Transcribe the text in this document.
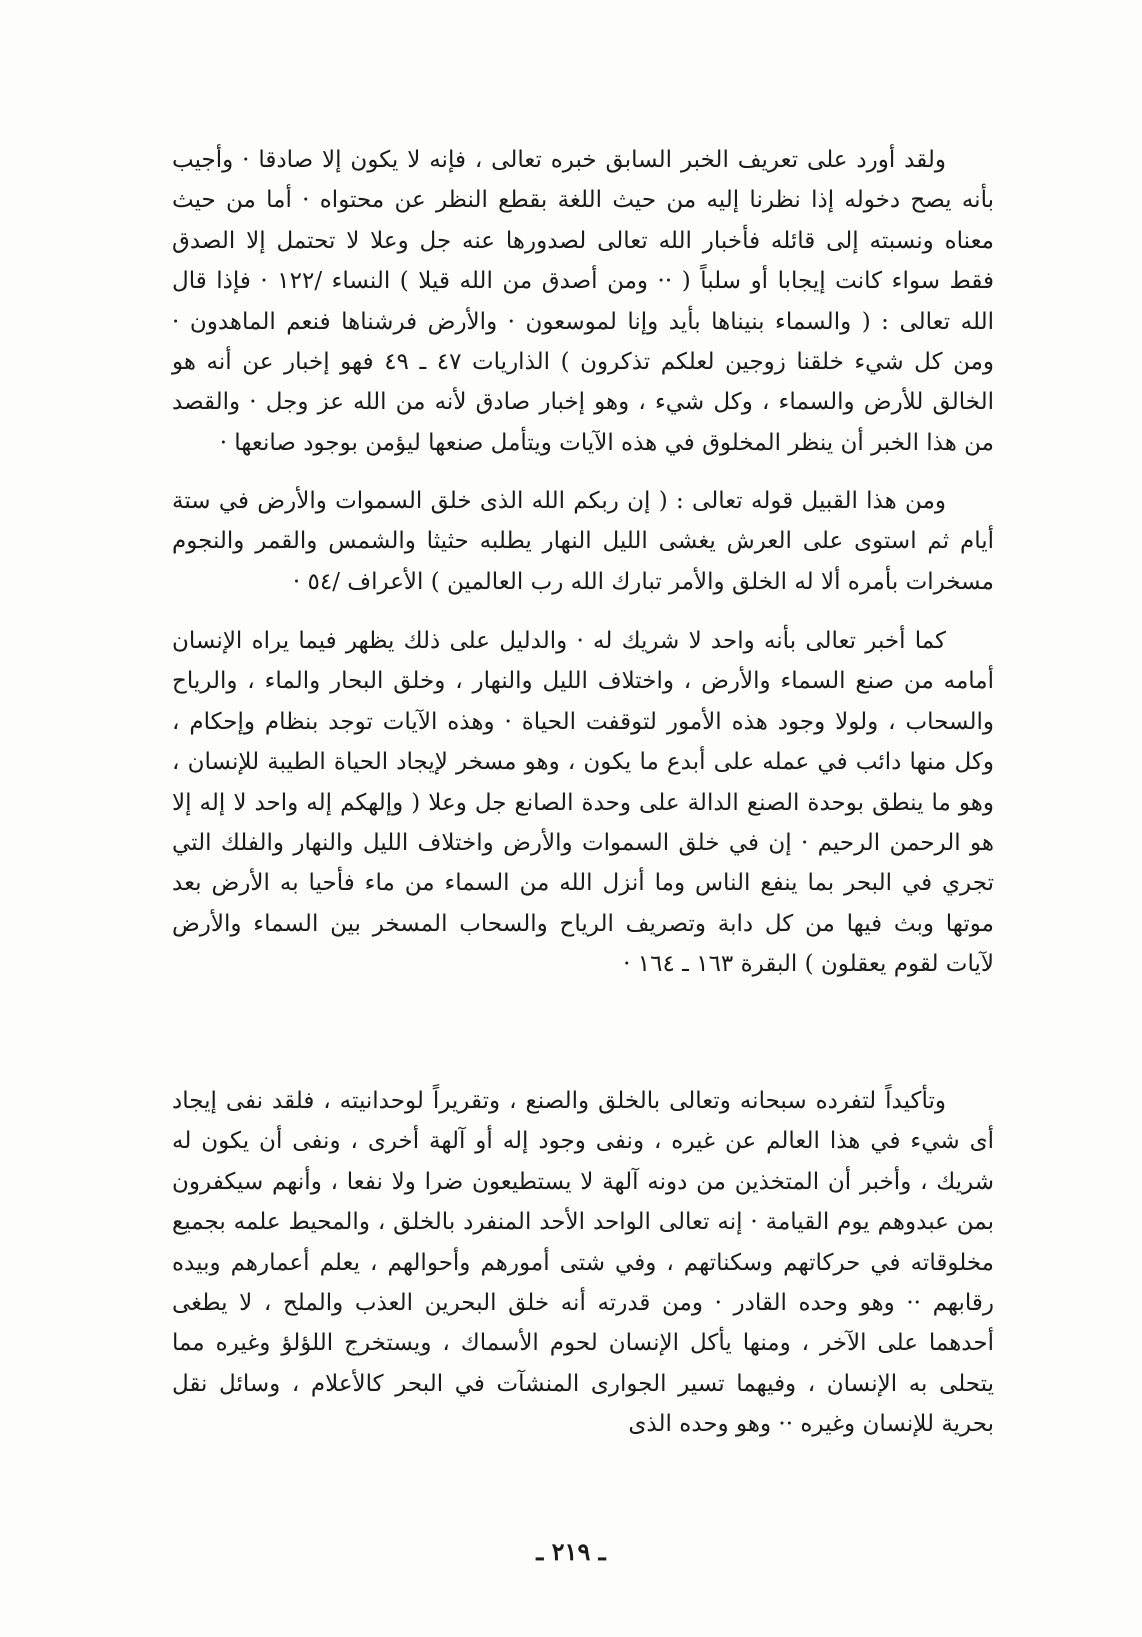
ولقد أورد على تعريف الخبر السابق خبره تعالى ، فإنه لا يكون إلا صادقا · وأجيب بأنه يصح دخوله إذا نظرنا إليه من حيث اللغة بقطع النظر عن محتواه · أما من حيث معناه ونسبته إلى قائله فأخبار الله تعالى لصدورها عنه جل وعلا لا تحتمل إلا الصدق فقط سواء كانت إيجابا أو سلباً ( ·· ومن أصدق من الله قيلا ) النساء /١٢٢ · فإذا قال الله تعالى : ( والسماء بنيناها بأيد وإنا لموسعون · والأرض فرشناها فنعم الماهدون · ومن كل شيء خلقنا زوجين لعلكم تذكرون ) الذاريات ٤٧ ـ ٤٩ فهو إخبار عن أنه هو الخالق للأرض والسماء ، وكل شيء ، وهو إخبار صادق لأنه من الله عز وجل · والقصد من هذا الخبر أن ينظر المخلوق في هذه الآيات ويتأمل صنعها ليؤمن بوجود صانعها ·

ومن هذا القبيل قوله تعالى : ( إن ربكم الله الذى خلق السموات والأرض في ستة أيام ثم استوى على العرش يغشى الليل النهار يطلبه حثيثا والشمس والقمر والنجوم مسخرات بأمره ألا له الخلق والأمر تبارك الله رب العالمين ) الأعراف /٥٤ ·

كما أخبر تعالى بأنه واحد لا شريك له · والدليل على ذلك يظهر فيما يراه الإنسان أمامه من صنع السماء والأرض ، واختلاف الليل والنهار ، وخلق البحار والماء ، والرياح والسحاب ، ولولا وجود هذه الأمور لتوقفت الحياة · وهذه الآيات توجد بنظام وإحكام ، وكل منها دائب في عمله على أبدع ما يكون ، وهو مسخر لإيجاد الحياة الطيبة للإنسان ، وهو ما ينطق بوحدة الصنع الدالة على وحدة الصانع جل وعلا ( وإلهكم إله واحد لا إله إلا هو الرحمن الرحيم · إن في خلق السموات والأرض واختلاف الليل والنهار والفلك التي تجري في البحر بما ينفع الناس وما أنزل الله من السماء من ماء فأحيا به الأرض بعد موتها وبث فيها من كل دابة وتصريف الرياح والسحاب المسخر بين السماء والأرض لآيات لقوم يعقلون ) البقرة ١٦٣ ـ ١٦٤ ·

وتأكيداً لتفرده سبحانه وتعالى بالخلق والصنع ، وتقريراً لوحدانيته ، فلقد نفى إيجاد أى شيء في هذا العالم عن غيره ، ونفى وجود إله أو آلهة أخرى ، ونفى أن يكون له شريك ، وأخبر أن المتخذين من دونه آلهة لا يستطيعون ضرا ولا نفعا ، وأنهم سيكفرون بمن عبدوهم يوم القيامة · إنه تعالى الواحد الأحد المنفرد بالخلق ، والمحيط علمه بجميع مخلوقاته في حركاتهم وسكناتهم ، وفي شتى أمورهم وأحوالهم ، يعلم أعمارهم وبيده رقابهم ·· وهو وحده القادر · ومن قدرته أنه خلق البحرين العذب والملح ، لا يطغى أحدهما على الآخر ، ومنها يأكل الإنسان لحوم الأسماك ، ويستخرج اللؤلؤ وغيره مما يتحلى به الإنسان ، وفيهما تسير الجوارى المنشآت في البحر كالأعلام ، وسائل نقل بحرية للإنسان وغيره ·· وهو وحده الذى

ـ ٢١٩ ـ
